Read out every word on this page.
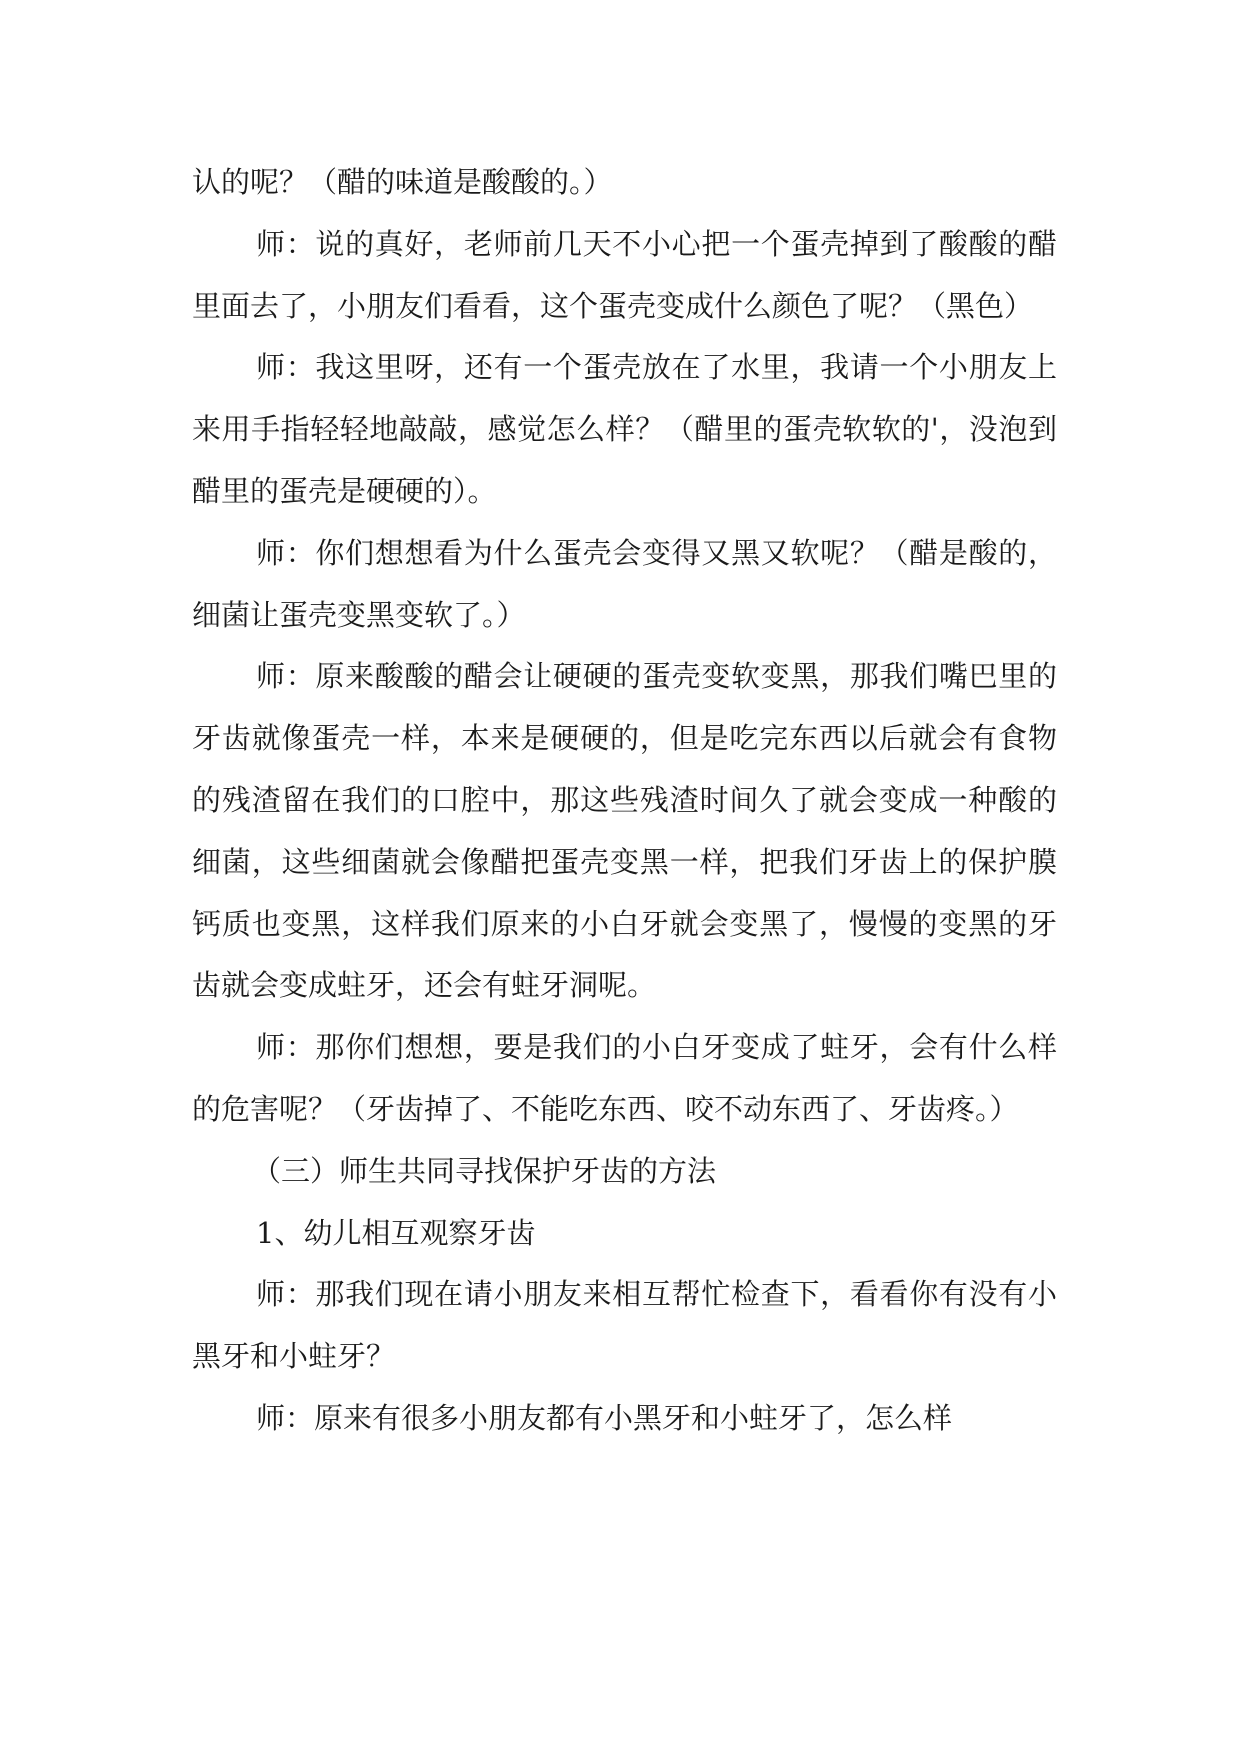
认的呢？（醋的味道是酸酸的。）

师：说的真好，老师前几天不小心把一个蛋壳掉到了酸酸的醋里面去了，小朋友们看看，这个蛋壳变成什么颜色了呢？（黑色）

师：我这里呀，还有一个蛋壳放在了水里，我请一个小朋友上来用手指轻轻地敲敲，感觉怎么样？（醋里的蛋壳软软的'，没泡到醋里的蛋壳是硬硬的）。

师：你们想想看为什么蛋壳会变得又黑又软呢？（醋是酸的，细菌让蛋壳变黑变软了。）

师：原来酸酸的醋会让硬硬的蛋壳变软变黑，那我们嘴巴里的牙齿就像蛋壳一样，本来是硬硬的，但是吃完东西以后就会有食物的残渣留在我们的口腔中，那这些残渣时间久了就会变成一种酸的细菌，这些细菌就会像醋把蛋壳变黑一样，把我们牙齿上的保护膜钙质也变黑，这样我们原来的小白牙就会变黑了，慢慢的变黑的牙齿就会变成蛀牙，还会有蛀牙洞呢。

师：那你们想想，要是我们的小白牙变成了蛀牙，会有什么样的危害呢？（牙齿掉了、不能吃东西、咬不动东西了、牙齿疼。）

（三）师生共同寻找保护牙齿的方法

1、幼儿相互观察牙齿

师：那我们现在请小朋友来相互帮忙检查下，看看你有没有小黑牙和小蛀牙？

师：原来有很多小朋友都有小黑牙和小蛀牙了，怎么样
